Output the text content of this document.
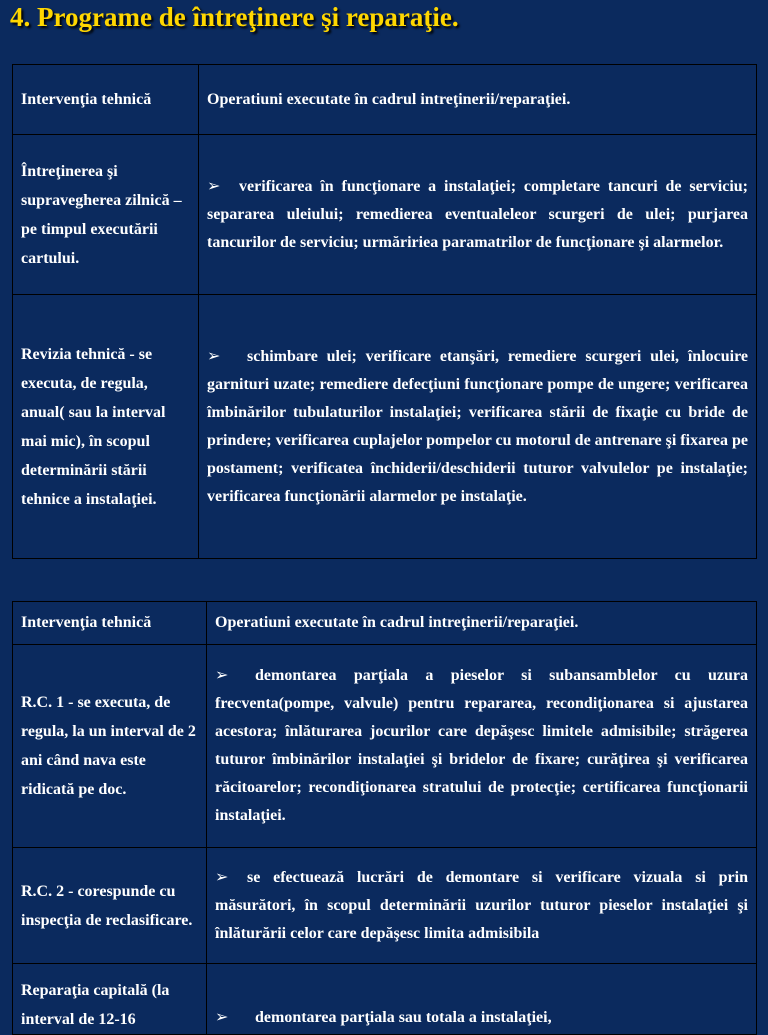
4. Programe de întreţinere şi reparaţie.
Intervenţia tehnică	Operatiuni executate în cadrul intreţinerii/reparaţiei.
Întreţinerea şi supravegherea zilnică – pe timpul executării cartului.	➢ verificarea în funcţionare a instalaţiei; completare tancuri de serviciu; separarea uleiului; remedierea eventualeleor scurgeri de ulei; purjarea tancurilor de serviciu; urmăririea paramatrilor de funcţionare şi alarmelor.
Revizia tehnică - se executa, de regula, anual( sau la interval mai mic), în scopul determinării stării tehnice a instalaţiei.	➢ schimbare ulei; verificare etanşări, remediere scurgeri ulei, înlocuire garnituri uzate; remediere defecţiuni funcţionare pompe de ungere; verificarea îmbinărilor tubulaturilor instalaţiei; verificarea stării de fixaţie cu bride de prindere; verificarea cuplajelor pompelor cu motorul de antrenare şi fixarea pe postament; verificatea închiderii/deschiderii tuturor valvulelor pe instalaţie; verificarea funcţionării alarmelor pe instalaţie.
Intervenţia tehnică	Operatiuni executate în cadrul intreţinerii/reparaţiei.
R.C. 1 - se executa, de regula, la un interval de 2 ani când nava este ridicată pe doc.	➢ demontarea parţiala a pieselor si subansamblelor cu uzura frecventa(pompe, valvule) pentru repararea, recondiţionarea si ajustarea acestora; înlăturarea jocurilor care depăşesc limitele admisibile; străgerea tuturor îmbinărilor instalaţiei şi bridelor de fixare; curăţirea şi verificarea răcitoarelor; recondiţionarea stratului de protecţie; certificarea funcţionarii instalaţiei.
R.C. 2 - corespunde cu inspecţia de reclasificare.	➢ se efectuează lucrări de demontare si verificare vizuala si prin măsurători, în scopul determinării uzurilor tuturor pieselor instalaţiei şi înlăturării celor care depăşesc limita admisibila
Reparaţia capitală (la interval de 12-16	➢ demontarea parţiala sau totala a instalaţiei,
